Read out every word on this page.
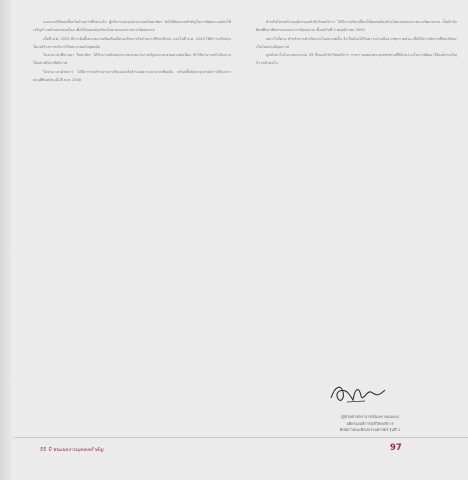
นอกจากมีสัมฤทธิ์ผลในด้านการศึกษาแล้ว ผู้บริหารและบุคลากรของวิทยาลัยฯ ยังได้มีบทบาทสำคัญในการพัฒนาองค์กรให้เจริญก้าวหน้าอย่างต่อเนื่อง เพื่อให้สอดคล้องกับนโยบายของกระทรวงวัฒนธรรม

เมื่อปี พ.ศ. 2532 มีการจัดตั้งหน่วยงานเพิ่มเติมเพื่อรองรับภารกิจด้านการศึกษาศิลปะ และในปี พ.ศ. 2543 ได้มีการปรับปรุงโครงสร้างการบริหารให้เหมาะสมกับยุคสมัย

ในช่วงเวลาที่ผ่านมา วิทยาลัยฯ ได้รับการสนับสนุนจากหน่วยงานภาครัฐและเอกชนอย่างต่อเนื่อง ทำให้สามารถดำเนินงานได้อย่างมีประสิทธิภาพ

ในช่วงเวลาดังกล่าว ได้มีการก่อสร้างอาคารเรียนและสิ่งอำนวยความสะดวกเพิ่มเติม พร้อมทั้งจัดหาอุปกรณ์การเรียนการสอนที่ทันสมัย เมื่อปี พ.ศ. 2548

สำหรับโครงสร้างองค์กรของสำนักวิทยบริการ ได้มีการปรับเปลี่ยนให้สอดคล้องกับนโยบายของกระทรวงวัฒนธรรม เป็นสำนักศิลปศึกษาศิลปกรรมและการวัฒนธรรม ตั้งแต่วันที่ 5 พฤศจิกายน 2550

อย่างไรก็ตาม สำหรับการดำเนินงานในอนาคตนั้น จำเป็นต้องได้รับความร่วมมือจากทุกภาคส่วน เพื่อให้การจัดการศึกษาศิลปะเป็นไปอย่างมีคุณภาพ

ดูหน้าตาในโอกาสครบรอบ 55 ปีของสำนักวิทยบริการ กรมฯ ขอขอบพระคุณทุกท่านที่มีส่วนร่วมในการพัฒนาให้องค์กรเจริญก้าวหน้าต่อไป

(ผู้ช่วยศาสตราจารย์สมพร ทองแดง)
อดีตรองอธิการบดีวิทยบริการ
ศิษย์เก่าคณะศิลปกรรมศาสตร์ รุ่นที่ 2
55 ปี ชนะผลงานบุคคลสำคัญ	97
